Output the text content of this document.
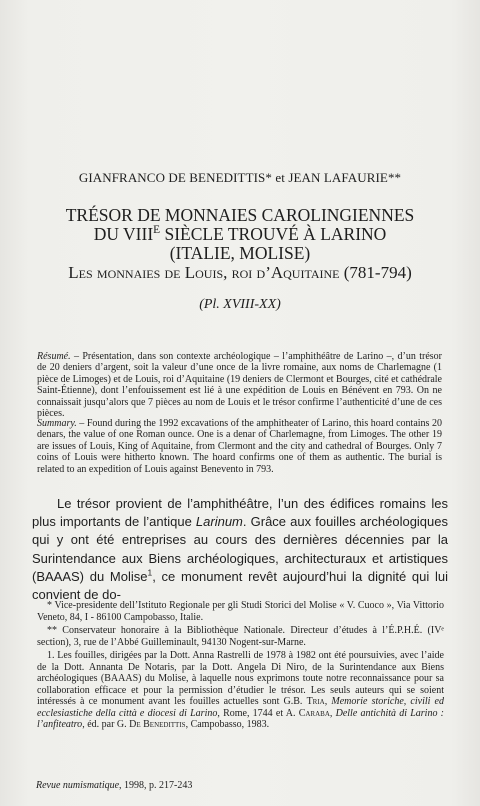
GIANFRANCO DE BENEDITTIS* et JEAN LAFAURIE**
TRÉSOR DE MONNAIES CAROLINGIENNES
DU $VIII^E$ SIÈCLE TROUVÉ À LARINO
(ITALIE, MOLISE)
Les monnaies de Louis, roi d’Aquitaine (781-794)
(Pl. XVIII-XX)
Résumé. – Présentation, dans son contexte archéologique – l’amphithéâtre de Larino –, d’un trésor de 20 deniers d’argent, soit la valeur d’une once de la livre romaine, aux noms de Charlemagne (1 pièce de Limoges) et de Louis, roi d’Aquitaine (19 deniers de Clermont et Bourges, cité et cathédrale Saint-Étienne), dont l’enfouissement est lié à une expédition de Louis en Bénévent en 793. On ne connaissait jusqu’alors que 7 pièces au nom de Louis et le trésor confirme l’authenticité d’une de ces pièces.
Summary. – Found during the 1992 excavations of the amphitheater of Larino, this hoard contains 20 denars, the value of one Roman ounce. One is a denar of Charlemagne, from Limoges. The other 19 are issues of Louis, King of Aquitaine, from Clermont and the city and cathedral of Bourges. Only 7 coins of Louis were hitherto known. The hoard confirms one of them as authentic. The burial is related to an expedition of Louis against Benevento in 793.

Le trésor provient de l’amphithéâtre, l’un des édifices romains les plus importants de l’antique Larinum. Grâce aux fouilles archéologiques qui y ont été entreprises au cours des dernières décennies par la Surintendance aux Biens archéologiques, architecturaux et artistiques (BAAAS) du Molise$^1$, ce monument revêt aujourd’hui la dignité qui lui convient de do-

* Vice-presidente dell’Istituto Regionale per gli Studi Storici del Molise « V. Cuoco », Via Vittorio Veneto, 84, I - 86100 Campobasso, Italie.

** Conservateur honoraire à la Bibliothèque Nationale. Directeur d’études à l’É.P.H.É. (IVᵉ section), 3, rue de l’Abbé Guilleminault, 94130 Nogent-sur-Marne.

1. Les fouilles, dirigées par la Dott. Anna Rastrelli de 1978 à 1982 ont été poursuivies, avec l’aide de la Dott. Annanta De Notaris, par la Dott. Angela Di Niro, de la Surintendance aux Biens archéologiques (BAAAS) du Molise, à laquelle nous exprimons toute notre reconnaissance pour sa collaboration efficace et pour la permission d’étudier le trésor. Les seuls auteurs qui se soient intéressés à ce monument avant les fouilles actuelles sont G.B. Tria, Memorie storiche, civili ed ecclesiastiche della città e diocesi di Larino, Rome, 1744 et A. Caraba, Delle antichità di Larino : l’anfiteatro, éd. par G. De Benedittis, Campobasso, 1983.

Revue numismatique, 1998, p. 217-243
